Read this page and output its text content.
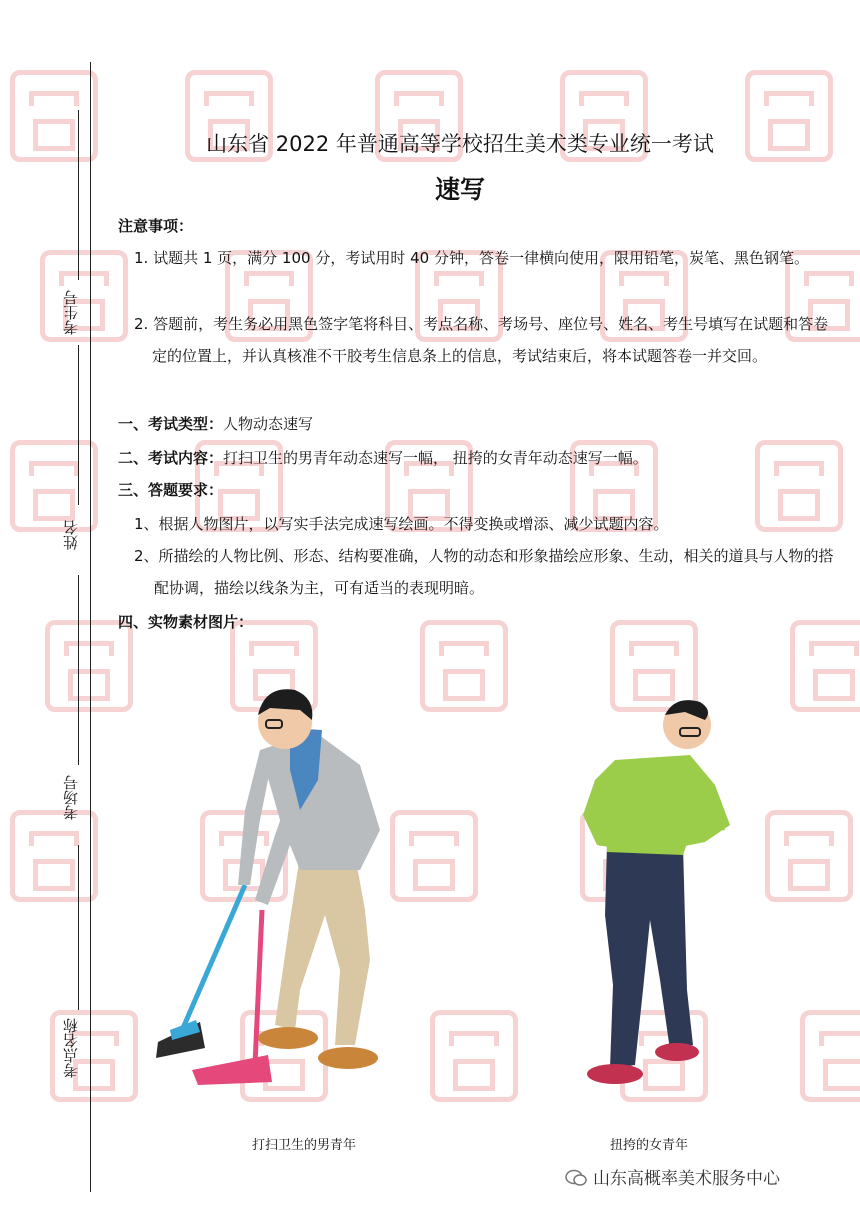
考生号
姓名
考场号
考点名称
山东省 2022 年普通高等学校招生美术类专业统一考试
速写
注意事项：
1. 试题共 1 页，满分 100 分，考试用时 40 分钟，答卷一律横向使用，限用铅笔，炭笔、黑色钢笔。
2. 答题前，考生务必用黑色签字笔将科目、考点名称、考场号、座位号、姓名、考生号填写在试题和答卷定的位置上，并认真核准不干胶考生信息条上的信息，考试结束后，将本试题答卷一并交回。
一、考试类型：人物动态速写
二、考试内容：打扫卫生的男青年动态速写一幅， 扭挎的女青年动态速写一幅。
三、答题要求：
1、根据人物图片，以写实手法完成速写绘画。不得变换或增添、减少试题内容。
2、所描绘的人物比例、形态、结构要准确，人物的动态和形象描绘应形象、生动，相关的道具与人物的搭配协调，描绘以线条为主，可有适当的表现明暗。
四、实物素材图片：
打扫卫生的男青年	扭挎的女青年
山东高概率美术服务中心
